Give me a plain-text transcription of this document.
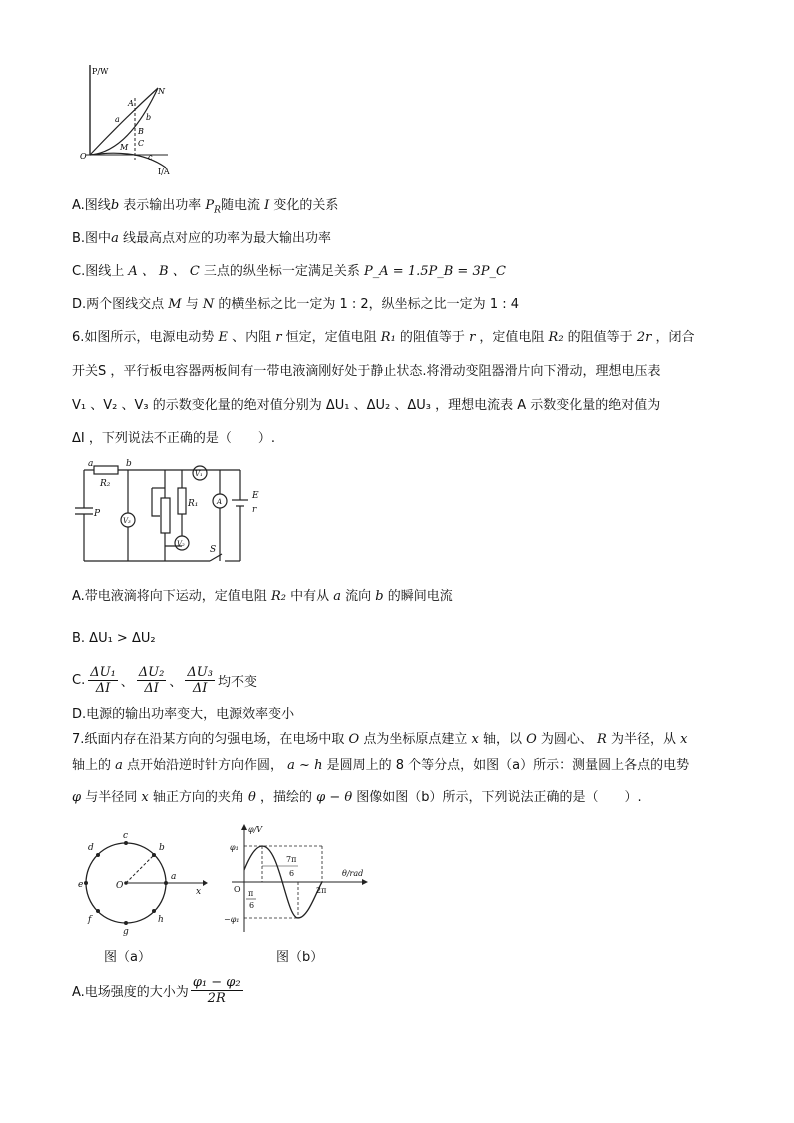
P/W
I/A
O
A
B
C
M
N
a	b
c
A.图线b 表示输出功率 $P_R$随电流 I 变化的关系
B.图中a 线最高点对应的功率为最大输出功率
C.图线上 A 、 B 、 C 三点的纵坐标一定满足关系 P_A = 1.5P_B = 3P_C
D.两个图线交点 M 与 N 的横坐标之比一定为 1 : 2，纵坐标之比一定为 1 : 4
6.如图所示，电源电动势 E 、内阻 r 恒定，定值电阻 R₁ 的阻值等于 r ，定值电阻 R₂ 的阻值等于 2r ，闭合
开关S ，平行板电容器两板间有一带电液滴刚好处于静止状态.将滑动变阻器滑片向下滑动，理想电压表
V₁ 、V₂ 、V₃ 的示数变化量的绝对值分别为 ΔU₁ 、ΔU₂ 、ΔU₃ ，理想电流表 A 示数变化量的绝对值为
ΔI ，下列说法不正确的是（　　）.
a	b
R₂
P
V₃
R₁
V₂
V₁
A
E
r
S
A.带电液滴将向下运动，定值电阻 R₂ 中有从 a 流向 b 的瞬间电流
B. ΔU₁ > ΔU₂
C.
ΔU₁
ΔI 、
ΔU₂
ΔI 、
ΔU₃
ΔI 均不变
D.电源的输出功率变大，电源效率变小
7.纸面内存在沿某方向的匀强电场，在电场中取 O 点为坐标原点建立 x 轴，以 O 为圆心、 R 为半径，从 x
轴上的 a 点开始沿逆时针方向作圆， a ~ h 是圆周上的 8 个等分点，如图（a）所示：测量圆上各点的电势
φ 与半径同 x 轴正方向的夹角 θ ，描绘的 φ − θ 图像如图（b）所示，下列说法正确的是（　　）.
a
b
c
d
e
f
g
h
O
x
图（a）
φ/V
θ/rad
φ₁
−φ₁
O π
6
7π
6
2π
图（b）
A.电场强度的大小为
φ₁ − φ₂
2R
